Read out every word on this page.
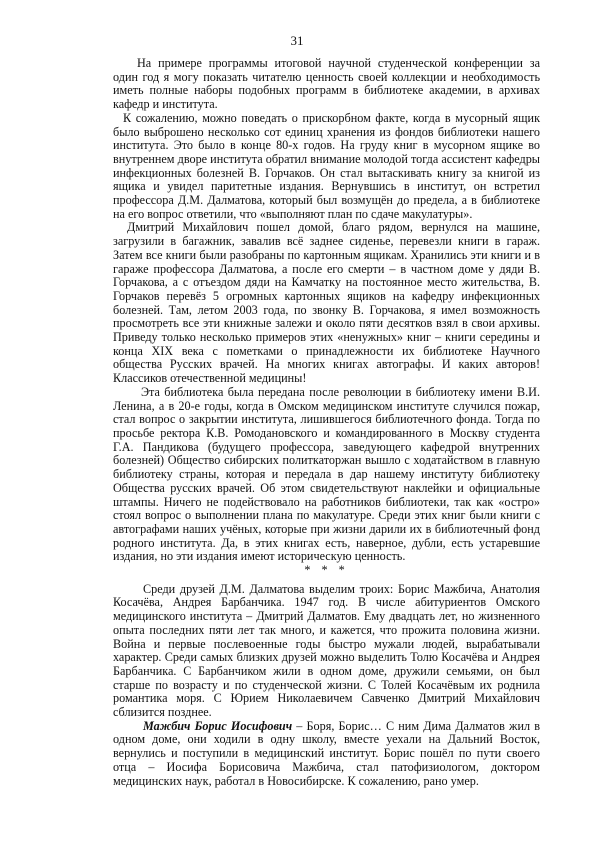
31

На примере программы итоговой научной студенческой конференции за один год я могу показать читателю ценность своей коллекции и необходимость иметь полные наборы подобных программ в библиотеке академии, в архивах кафедр и института.

К сожалению, можно поведать о прискорбном факте, когда в мусорный ящик было выброшено несколько сот единиц хранения из фондов библиотеки нашего института. Это было в конце 80-х годов. На груду книг в мусорном ящике во внутреннем дворе института обратил внимание молодой тогда ассистент кафедры инфекционных болезней В. Горчаков. Он стал вытаскивать книгу за книгой из ящика и увидел паритетные издания. Вернувшись в институт, он встретил профессора Д.М. Далматова, который был возмущён до предела, а в библиотеке на его вопрос ответили, что «выполняют план по сдаче макулатуры».

Дмитрий Михайлович пошел домой, благо рядом, вернулся на машине, загрузили в багажник, завалив всё заднее сиденье, перевезли книги в гараж. Затем все книги были разобраны по картонным ящикам. Хранились эти книги и в гараже профессора Далматова, а после его смерти – в частном доме у дяди В. Горчакова, а с отъездом дяди на Камчатку на постоянное место жительства, В. Горчаков перевёз 5 огромных картонных ящиков на кафедру инфекционных болезней. Там, летом 2003 года, по звонку В. Горчакова, я имел возможность просмотреть все эти книжные залежи и около пяти десятков взял в свои архивы. Приведу только несколько примеров этих «ненужных» книг – книги середины и конца XIX века с пометками о принадлежности их библиотеке Научного общества Русских врачей. На многих книгах автографы. И каких авторов! Классиков отечественной медицины!

Эта библиотека была передана после революции в библиотеку имени В.И. Ленина, а в 20-е годы, когда в Омском медицинском институте случился пожар, стал вопрос о закрытии института, лишившегося библиотечного фонда. Тогда по просьбе ректора К.В. Ромодановского и командированного в Москву студента Г.А. Пандикова (будущего профессора, заведующего кафедрой внутренних болезней) Общество сибирских политкаторжан вышло с ходатайством в главную библиотеку страны, которая и передала в дар нашему институту библиотеку Общества русских врачей. Об этом свидетельствуют наклейки и официальные штампы. Ничего не подействовало на работников библиотеки, так как «остро» стоял вопрос о выполнении плана по макулатуре. Среди этих книг были книги с автографами наших учёных, которые при жизни дарили их в библиотечный фонд родного института. Да, в этих книгах есть, наверное, дубли, есть устаревшие издания, но эти издания имеют историческую ценность.

* * *

Среди друзей Д.М. Далматова выделим троих: Борис Мажбича, Анатолия Косачёва, Андрея Барбанчика. 1947 год. В числе абитуриентов Омского медицинского института – Дмитрий Далматов. Ему двадцать лет, но жизненного опыта последних пяти лет так много, и кажется, что прожита половина жизни. Война и первые послевоенные годы быстро мужали людей, вырабатывали характер. Среди самых близких друзей можно выделить Толю Косачёва и Андрея Барбанчика. С Барбанчиком жили в одном доме, дружили семьями, он был старше по возрасту и по студенческой жизни. С Толей Косачёвым их роднила романтика моря. С Юрием Николаевичем Савченко Дмитрий Михайлович сблизится позднее.

Мажбич Борис Иосифович – Боря, Борис… С ним Дима Далматов жил в одном доме, они ходили в одну школу, вместе уехали на Дальний Восток, вернулись и поступили в медицинский институт. Борис пошёл по пути своего отца – Иосифа Борисовича Мажбича, стал патофизиологом, доктором медицинских наук, работал в Новосибирске. К сожалению, рано умер.
